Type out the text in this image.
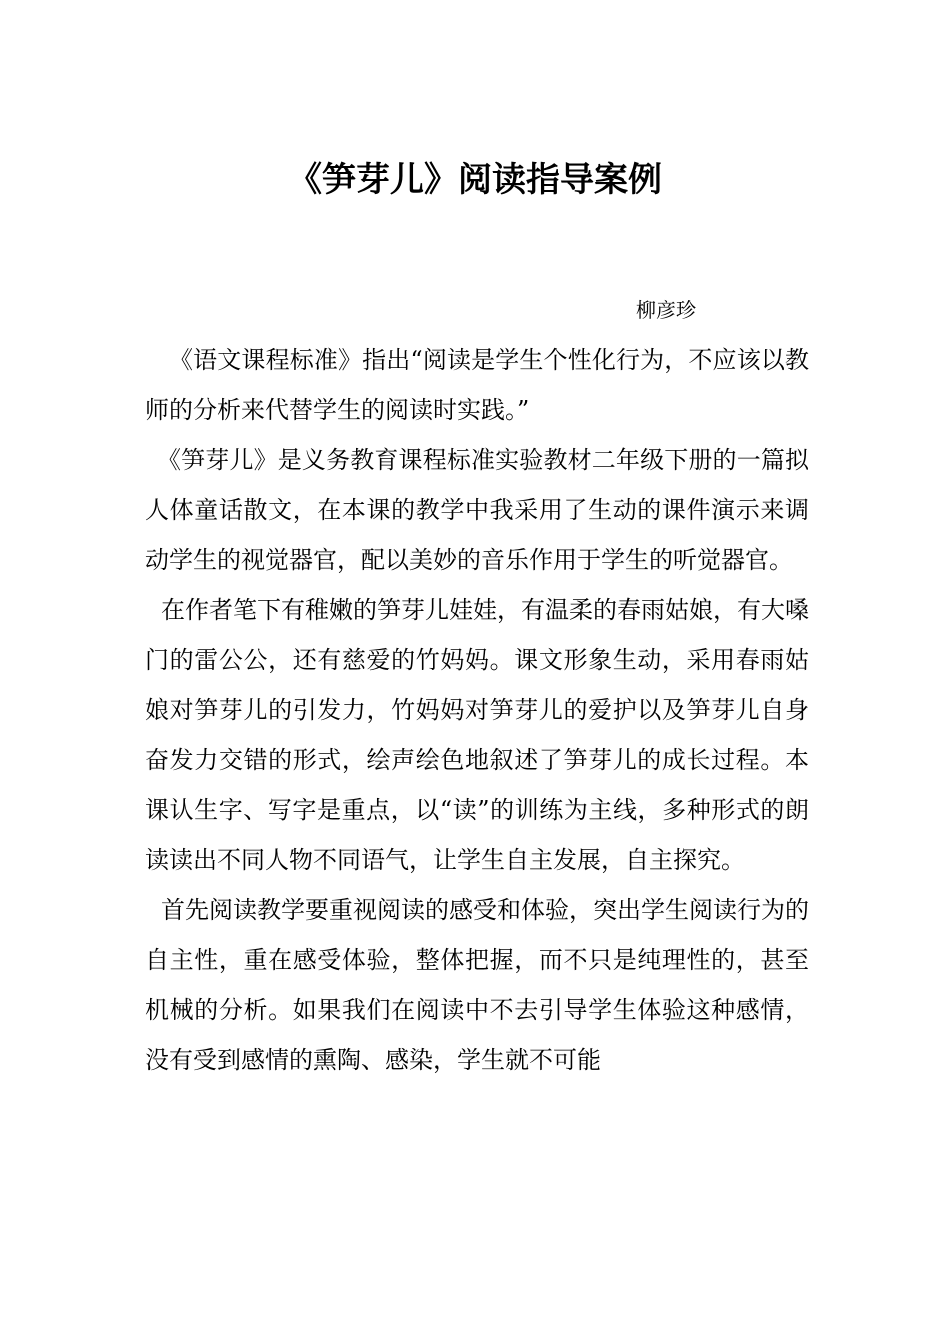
《笋芽儿》阅读指导案例

柳彦珍

《语文课程标准》指出“阅读是学生个性化行为，不应该以教师的分析来代替学生的阅读时实践。”

《笋芽儿》是义务教育课程标准实验教材二年级下册的一篇拟人体童话散文，在本课的教学中我采用了生动的课件演示来调动学生的视觉器官，配以美妙的音乐作用于学生的听觉器官。

在作者笔下有稚嫩的笋芽儿娃娃，有温柔的春雨姑娘，有大嗓门的雷公公，还有慈爱的竹妈妈。课文形象生动，采用春雨姑娘对笋芽儿的引发力，竹妈妈对笋芽儿的爱护以及笋芽儿自身奋发力交错的形式，绘声绘色地叙述了笋芽儿的成长过程。本课认生字、写字是重点，以“读”的训练为主线，多种形式的朗读读出不同人物不同语气，让学生自主发展，自主探究。

首先阅读教学要重视阅读的感受和体验，突出学生阅读行为的自主性，重在感受体验，整体把握，而不只是纯理性的，甚至机械的分析。如果我们在阅读中不去引导学生体验这种感情，没有受到感情的熏陶、感染，学生就不可能
